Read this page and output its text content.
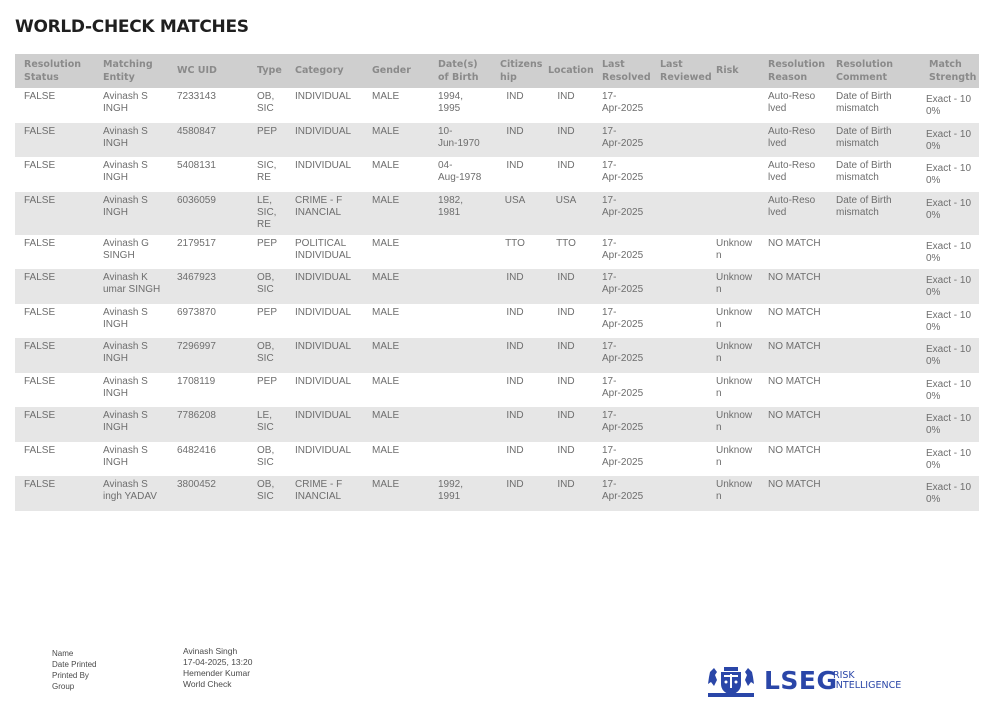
WORLD-CHECK MATCHES
Resolution Status	Matching Entity	WC UID	Type	Category	Gender	Date(s) of Birth	Citizens hip	Location	Last Resolved	Last Reviewed	Risk	Resolution Reason	Resolution Comment	Match Strength
FALSE	Avinash S
INGH	7233143	OB,
SIC	INDIVIDUAL	MALE	1994,
1995	IND	IND	17-
Apr-2025			Auto-Reso
lved	Date of Birth
mismatch	Exact - 100%
FALSE	Avinash S
INGH	4580847	PEP	INDIVIDUAL	MALE	10-
Jun-1970	IND	IND	17-
Apr-2025			Auto-Reso
lved	Date of Birth
mismatch	Exact - 100%
FALSE	Avinash S
INGH	5408131	SIC,
RE	INDIVIDUAL	MALE	04-
Aug-1978	IND	IND	17-
Apr-2025			Auto-Reso
lved	Date of Birth
mismatch	Exact - 100%
FALSE	Avinash S
INGH	6036059	LE,
SIC,
RE	CRIME - F
INANCIAL	MALE	1982,
1981	USA	USA	17-
Apr-2025			Auto-Reso
lved	Date of Birth
mismatch	Exact - 100%
FALSE	Avinash G
SINGH	2179517	PEP	POLITICAL
INDIVIDUAL	MALE		TTO	TTO	17-
Apr-2025		Unknown	NO MATCH		Exact - 100%
FALSE	Avinash K
umar SINGH	3467923	OB,
SIC	INDIVIDUAL	MALE		IND	IND	17-
Apr-2025		Unknown	NO MATCH		Exact - 100%
FALSE	Avinash S
INGH	6973870	PEP	INDIVIDUAL	MALE		IND	IND	17-
Apr-2025		Unknown	NO MATCH		Exact - 100%
FALSE	Avinash S
INGH	7296997	OB,
SIC	INDIVIDUAL	MALE		IND	IND	17-
Apr-2025		Unknown	NO MATCH		Exact - 100%
FALSE	Avinash S
INGH	1708119	PEP	INDIVIDUAL	MALE		IND	IND	17-
Apr-2025		Unknown	NO MATCH		Exact - 100%
FALSE	Avinash S
INGH	7786208	LE,
SIC	INDIVIDUAL	MALE		IND	IND	17-
Apr-2025		Unknown	NO MATCH		Exact - 100%
FALSE	Avinash S
INGH	6482416	OB,
SIC	INDIVIDUAL	MALE		IND	IND	17-
Apr-2025		Unknown	NO MATCH		Exact - 100%
FALSE	Avinash S
ingh YADAV	3800452	OB,
SIC	CRIME - F
INANCIAL	MALE	1992,
1991	IND	IND	17-
Apr-2025		Unknown	NO MATCH		Exact - 100%
Name
Date Printed
Printed By
Group
Avinash Singh
17-04-2025, 13:20
Hemender Kumar
World Check	LSEG
RISK
INTELLIGENCE
